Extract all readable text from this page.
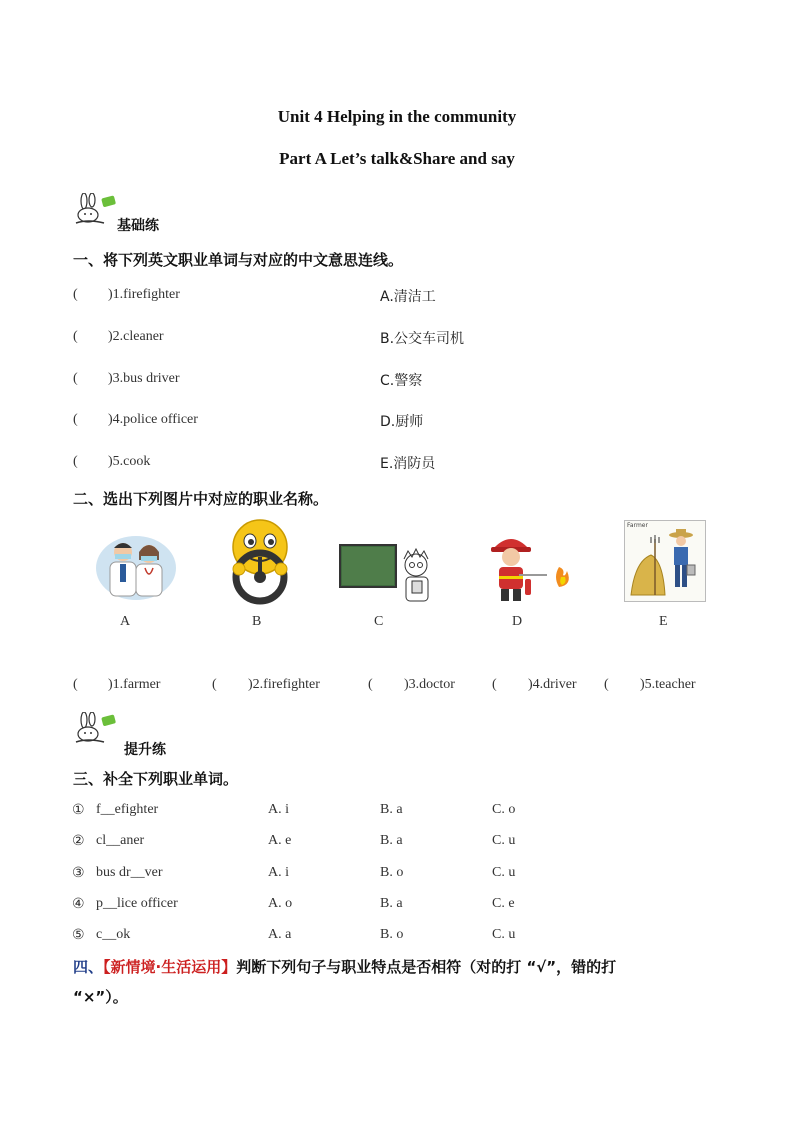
Unit 4 Helping in the community
Part A Let’s talk&Share and say
基础练
一、将下列英文职业单词与对应的中文意思连线。
( )1.firefighter	A.清洁工
( )2.cleaner	B.公交车司机
( )3.bus driver	C.警察
( )4.police officer	D.厨师
( )5.cook	E.消防员
二、选出下列图片中对应的职业名称。
A	B	C	D
Farmer
E
( )1.farmer	( )2.firefighter	( )3.doctor	( )4.driver ( )5.teacher
提升练
三、补全下列职业单词。
① f__efighter	A. i	B. a	C. o
② cl__aner	A. e	B. a	C. u
③ bus dr__ver	A. i	B. o	C. u
④ p__lice officer	A. o	B. a	C. e
⑤ c__ok	A. a	B. o	C. u
四、【新情境·生活运用】判断下列句子与职业特点是否相符（对的打 “√”，错的打
“×”）。
